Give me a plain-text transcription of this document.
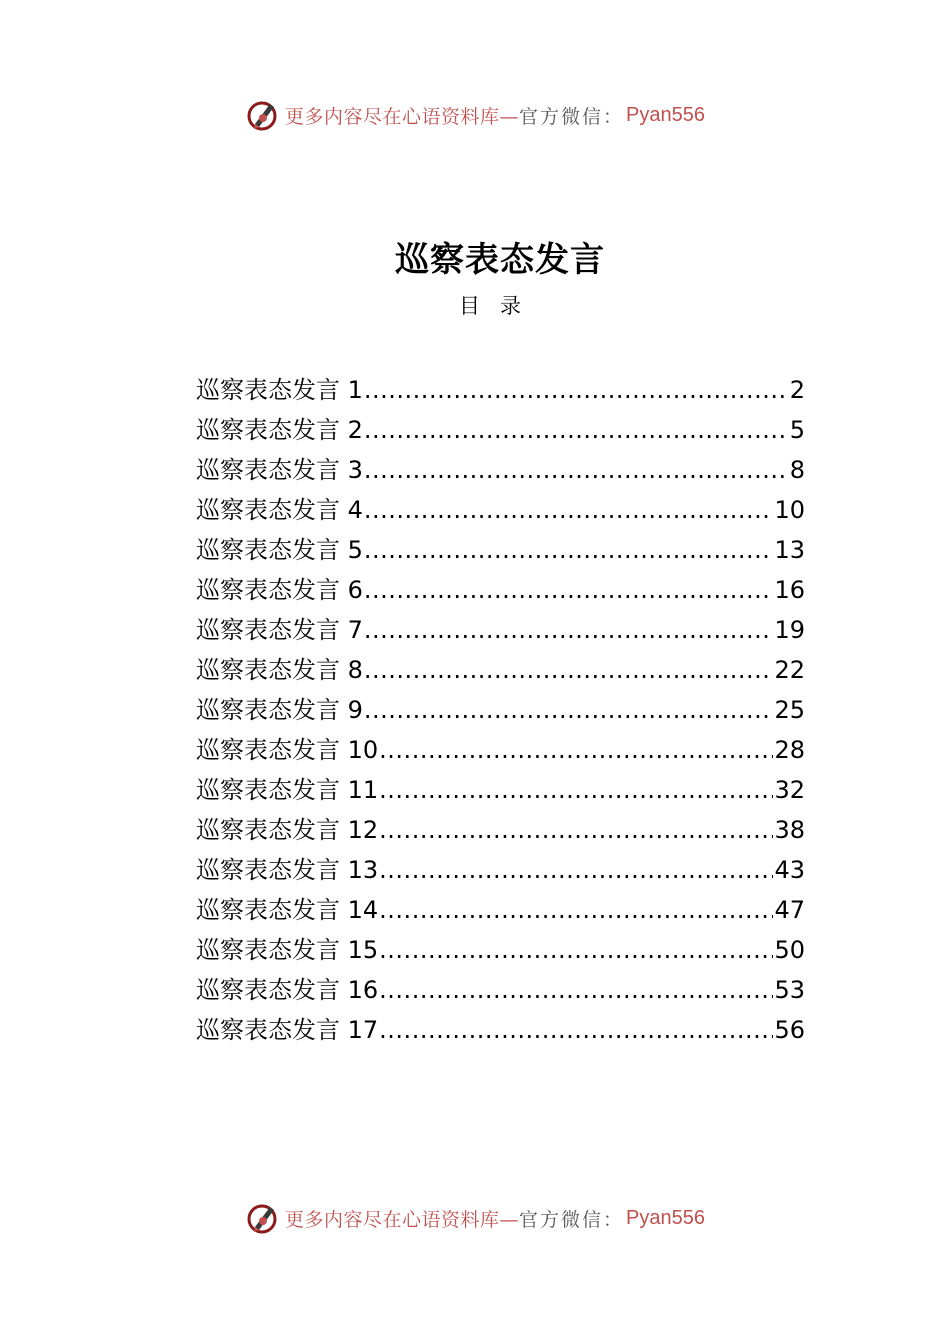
更多内容尽在心语资料库— 官方微信： Pyan556
巡察表态发言

目录

巡察表态发言 1 .....	2
巡察表态发言 2 .....	5
巡察表态发言 3 .....	8
巡察表态发言 4 .....	10
巡察表态发言 5 .....	13
巡察表态发言 6 .....	16
巡察表态发言 7 .....	19
巡察表态发言 8 .....	22
巡察表态发言 9 .....	25
巡察表态发言 10 .....	28
巡察表态发言 11 .....	32
巡察表态发言 12 .....	38
巡察表态发言 13 .....	43
巡察表态发言 14 .....	47
巡察表态发言 15 .....	50
巡察表态发言 16 .....	53
巡察表态发言 17 .....	56
更多内容尽在心语资料库— 官方微信： Pyan556
